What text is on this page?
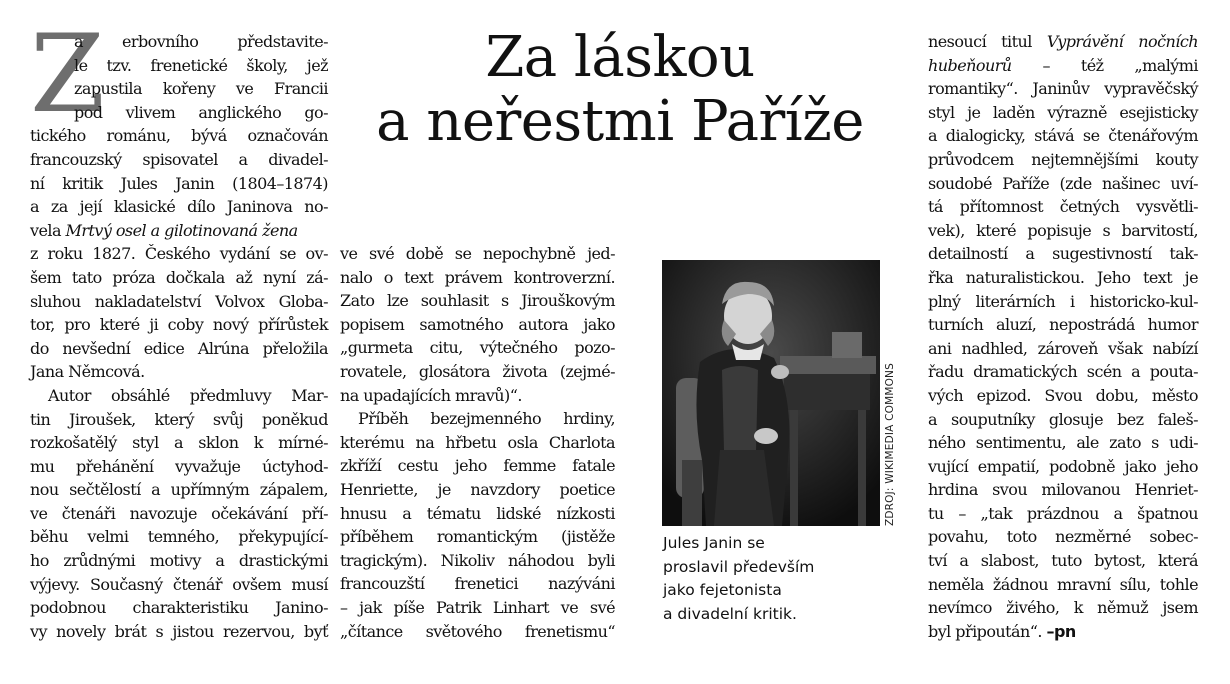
Z
a erbovního představite-
le tzv. frenetické školy, jež
zapustila kořeny ve Francii
pod vlivem anglického go-
tického románu, bývá označován
francouzský spisovatel a divadel-
ní kritik Jules Janin (1804–1874)
a za její klasické dílo Janinova no-
vela Mrtvý osel a gilotinovaná žena
z roku 1827. Českého vydání se ov-
šem tato próza dočkala až nyní zá-
sluhou nakladatelství Volvox Globa-
tor, pro které ji coby nový přírůstek
do nevšední edice Alrúna přeložila
Jana Němcová.
Autor obsáhlé předmluvy Mar-
tin Jiroušek, který svůj poněkud
rozkošatělý styl a sklon k mírné-
mu přehánění vyvažuje úctyhod-
nou sečtělostí a upřímným zápalem,
ve čtenáři navozuje očekávání pří-
běhu velmi temného, překypující-
ho zrůdnými motivy a drastickými
výjevy. Současný čtenář ovšem musí
podobnou charakteristiku Janino-
vy novely brát s jistou rezervou, byť
Za láskou
a neřestmi Paříže
ve své době se nepochybně jed-
nalo o text právem kontroverzní.
Zato lze souhlasit s Jirouškovým
popisem samotného autora jako
„gurmeta citu, výtečného pozo-
rovatele, glosátora života (zejmé-
na upadajících mravů)“.
Příběh bezejmenného hrdiny,
kterému na hřbetu osla Charlota
zkříží cestu jeho femme fatale
Henriette, je navzdory poetice
hnusu a tématu lidské nízkosti
příběhem romantickým (jistěže
tragickým). Nikoliv náhodou byli
francouzští frenetici nazýváni
– jak píše Patrik Linhart ve své
„čítance světového frenetismu“
ZDROJ: WIKIMEDIA COMMONS
Jules Janin se
proslavil především
jako fejetonista
a divadelní kritik.
nesoucí titul Vyprávění nočních
hubeňourů – též „malými
romantiky“. Janinův vypravěčský
styl je laděn výrazně esejisticky
a dialogicky, stává se čtenářovým
průvodcem nejtemnějšími kouty
soudobé Paříže (zde našinec uví-
tá přítomnost četných vysvětli-
vek), které popisuje s barvitostí,
detailností a sugestivností tak-
řka naturalistickou. Jeho text je
plný literárních i historicko-kul-
turních aluzí, nepostrádá humor
ani nadhled, zároveň však nabízí
řadu dramatických scén a pouta-
vých epizod. Svou dobu, město
a souputníky glosuje bez faleš-
ného sentimentu, ale zato s udi-
vující empatií, podobně jako jeho
hrdina svou milovanou Henriet-
tu – „tak prázdnou a špatnou
povahu, toto nezměrné sobec-
tví a slabost, tuto bytost, která
neměla žádnou mravní sílu, tohle
nevímco živého, k němuž jsem
byl připoután“. –pn
